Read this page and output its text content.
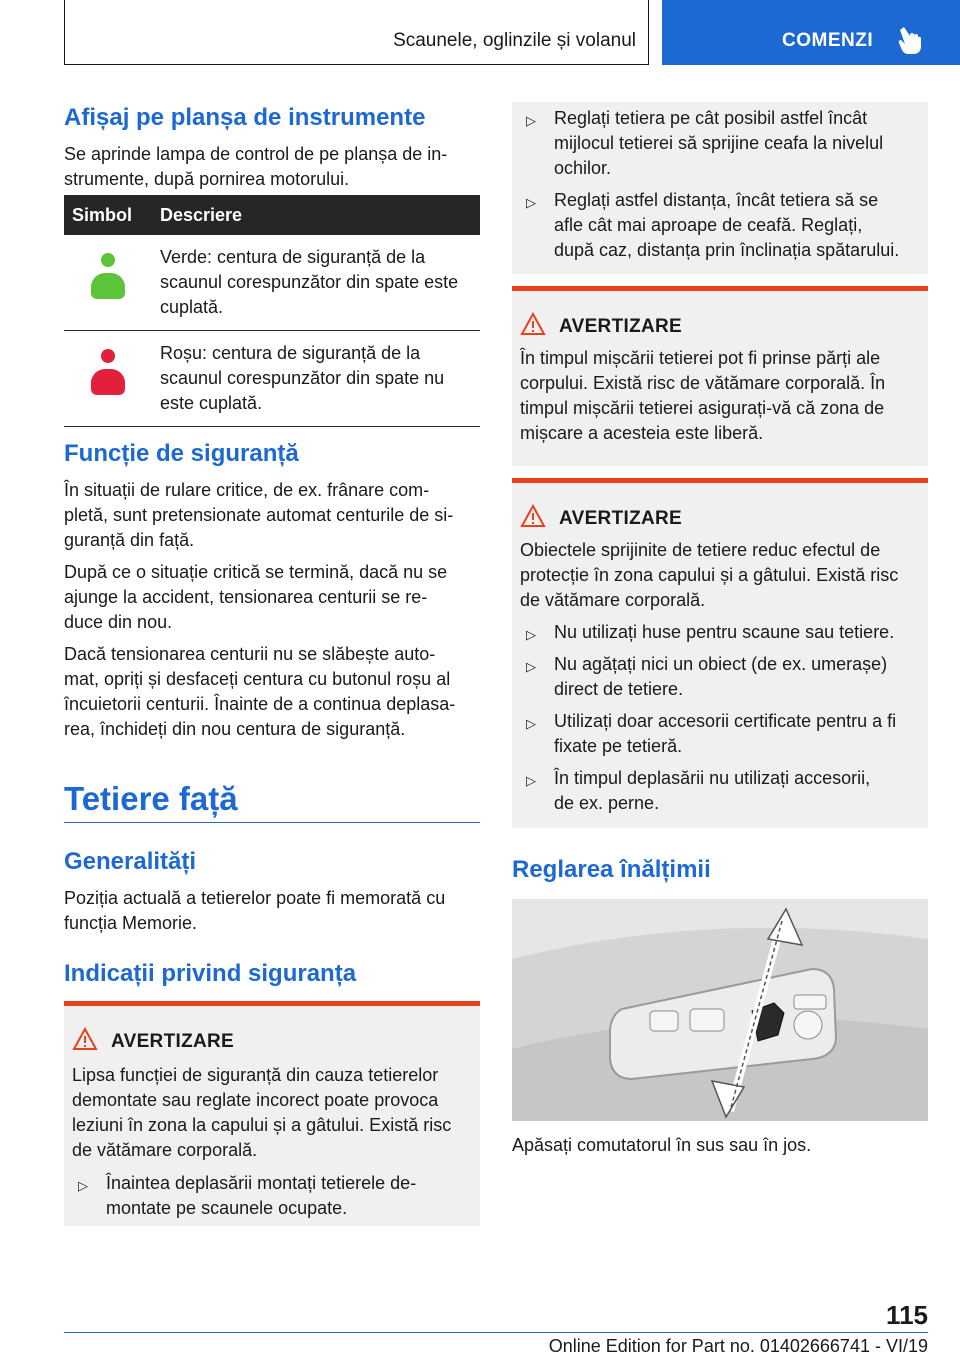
Scaunele, oglinzile și volanul	COMENZI
Afișaj pe planșa de instrumente
Se aprinde lampa de control de pe planșa de in-
strumente, după pornirea motorului.
Simbol	Descriere

	Verde: centura de siguranță de la
scaunul corespunzător din spate este
cuplată.

	Roșu: centura de siguranță de la
scaunul corespunzător din spate nu
este cuplată.
Funcție de siguranță
În situații de rulare critice, de ex. frânare com-
pletă, sunt pretensionate automat centurile de si-
guranță din față.
După ce o situație critică se termină, dacă nu se
ajunge la accident, tensionarea centurii se re-
duce din nou.
Dacă tensionarea centurii nu se slăbește auto-
mat, opriți și desfaceți centura cu butonul roșu al
încuietorii centurii. Înainte de a continua deplasa-
rea, închideți din nou centura de siguranță.
Tetiere față
Generalități
Poziția actuală a tetierelor poate fi memorată cu
funcția Memorie.
Indicații privind siguranța
AVERTIZARE
Lipsa funcției de siguranță din cauza tetierelor
demontate sau reglate incorect poate provoca
leziuni în zona la capului și a gâtului. Există risc
de vătămare corporală.
▷ Înaintea deplasării montați tetierele de-
montate pe scaunele ocupate.
▷ Reglați tetiera pe cât posibil astfel încât
mijlocul tetierei să sprijine ceafa la nivelul
ochilor.
▷ Reglați astfel distanța, încât tetiera să se
afle cât mai aproape de ceafă. Reglați,
după caz, distanța prin înclinația spătarului.
AVERTIZARE
În timpul mișcării tetierei pot fi prinse părți ale
corpului. Există risc de vătămare corporală. În
timpul mișcării tetierei asigurați-vă că zona de
mișcare a acesteia este liberă.
AVERTIZARE
Obiectele sprijinite de tetiere reduc efectul de
protecție în zona capului și a gâtului. Există risc
de vătămare corporală.
▷ Nu utilizați huse pentru scaune sau tetiere.
▷ Nu agățați nici un obiect (de ex. umerașe)
direct de tetiere.
▷ Utilizați doar accesorii certificate pentru a fi
fixate pe tetieră.
▷ În timpul deplasării nu utilizați accesorii,
de ex. perne.
Reglarea înălțimii
Apăsați comutatorul în sus sau în jos.
115
Online Edition for Part no. 01402666741 - VI/19
